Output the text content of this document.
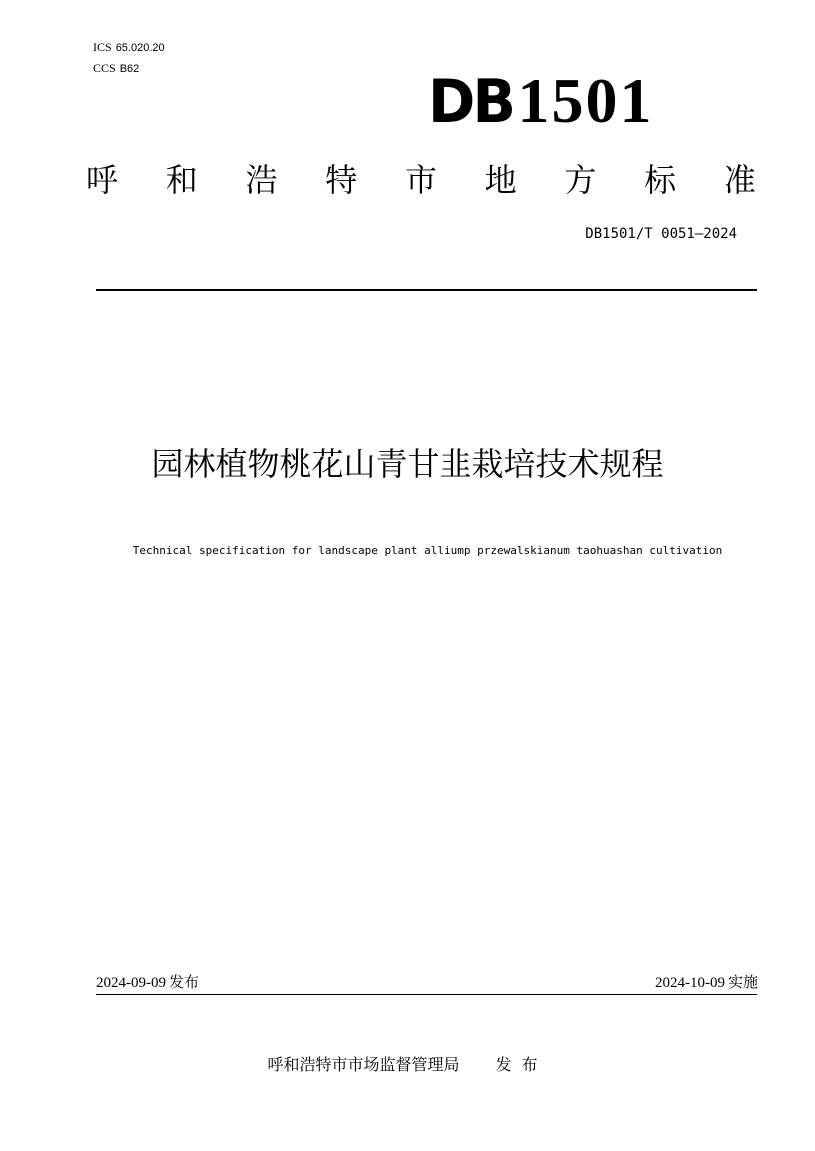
ICS 65.020.20
CCS B62	DB1501
呼 和 浩 特 市 地 方 标 准
DB1501/T 0051—2024
园林植物桃花山青甘韭栽培技术规程
Technical specification for landscape plant alliump przewalskianum taohuashan cultivation
2024-09-09 发布	2024-10-09 实施
呼和浩特市市场监督管理局 发布
